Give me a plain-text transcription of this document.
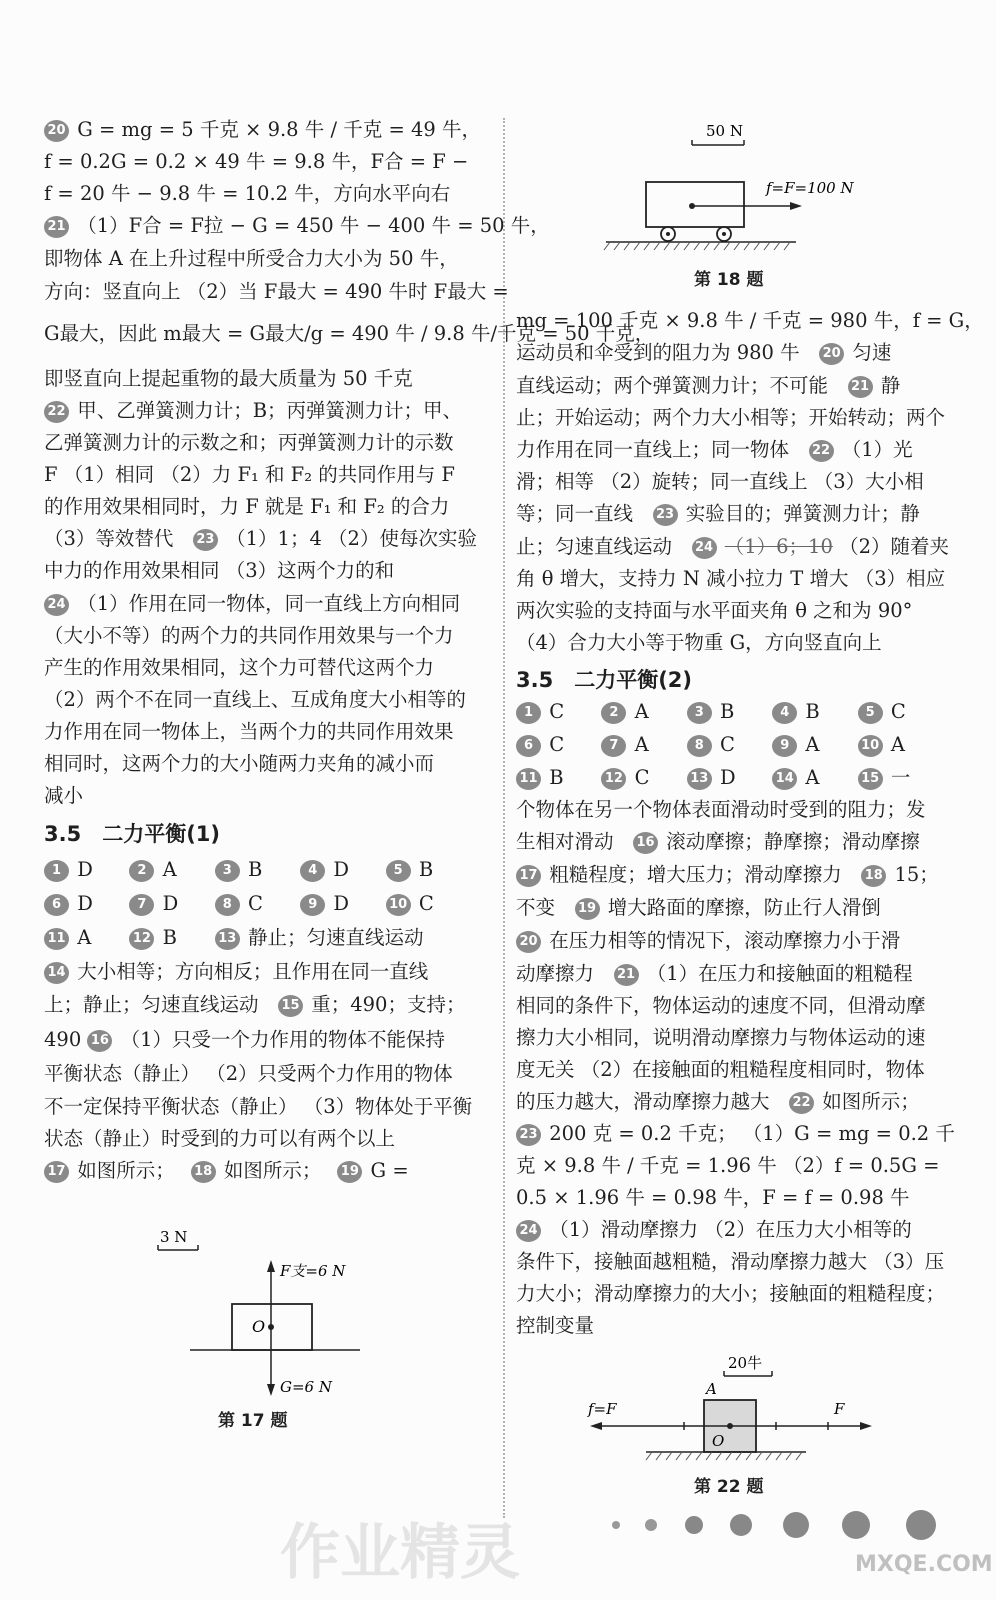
20 G = mg = 5 千克 × 9.8 牛 / 千克 = 49 牛，
f = 0.2G = 0.2 × 49 牛 = 9.8 牛，F合 = F −
f = 20 牛 − 9.8 牛 = 10.2 牛，方向水平向右
21 （1）F合 = F拉 − G = 450 牛 − 400 牛 = 50 牛，
即物体 A 在上升过程中所受合力大小为 50 牛，
方向：竖直向上 （2）当 F最大 = 490 牛时 F最大 =
G最大，因此 m最大 = G最大/g = 490 牛 / 9.8 牛/千克 = 50 千克，
即竖直向上提起重物的最大质量为 50 千克
22 甲、乙弹簧测力计；B；丙弹簧测力计；甲、
乙弹簧测力计的示数之和；丙弹簧测力计的示数
F （1）相同 （2）力 F₁ 和 F₂ 的共同作用与 F
的作用效果相同时，力 F 就是 F₁ 和 F₂ 的合力
（3）等效替代　 23 （1）1；4 （2）使每次实验
中力的作用效果相同 （3）这两个力的和
24 （1）作用在同一物体，同一直线上方向相同
（大小不等）的两个力的共同作用效果与一个力
产生的作用效果相同，这个力可替代这两个力
（2）两个不在同一直线上、互成角度大小相等的
力作用在同一物体上，当两个力的共同作用效果
相同时，这两个力的大小随两力夹角的减小而
减小
3.5　二力平衡(1)
1 D	2 A	3 B	4 D	5 B
6 D	7 D	8 C	9 D	10 C
11 A	12 B	13 静止；匀速直线运动
14 大小相等；方向相反；且作用在同一直线
上；静止；匀速直线运动　 15 重；490；支持；
490 16 （1）只受一个力作用的物体不能保持
平衡状态（静止） （2）只受两个力作用的物体
不一定保持平衡状态（静止） （3）物体处于平衡
状态（静止）时受到的力可以有两个以上
17 如图所示；　 18 如图所示；　 19 G =
3 N
O
F支=6 N
G=6 N
第 17 题
50 N
f=F=100 N
第 18 题
mg = 100 千克 × 9.8 牛 / 千克 = 980 牛，f = G，
运动员和伞受到的阻力为 980 牛　 20 匀速
直线运动；两个弹簧测力计；不可能　 21 静
止；开始运动；两个力大小相等；开始转动；两个
力作用在同一直线上；同一物体　 22 （1）光
滑；相等 （2）旋转；同一直线上 （3）大小相
等；同一直线　 23 实验目的；弹簧测力计；静
止；匀速直线运动　 24 （1）6；10 （2）随着夹
角 θ 增大，支持力 N 减小拉力 T 增大 （3）相应
两次实验的支持面与水平面夹角 θ 之和为 90°
（4）合力大小等于物重 G，方向竖直向上
3.5　二力平衡(2)
1 C	2 A	3 B	4 B	5 C
6 C	7 A	8 C	9 A	10 A
11 B	12 C	13 D	14 A	15 一
个物体在另一个物体表面滑动时受到的阻力；发
生相对滑动　 16 滚动摩擦；静摩擦；滑动摩擦
17 粗糙程度；增大压力；滑动摩擦力　 18 15；
不变　 19 增大路面的摩擦，防止行人滑倒
20 在压力相等的情况下，滚动摩擦力小于滑
动摩擦力　 21 （1）在压力和接触面的粗糙程
相同的条件下，物体运动的速度不同，但滑动摩
擦力大小相同，说明滑动摩擦力与物体运动的速
度无关 （2）在接触面的粗糙程度相同时，物体
的压力越大，滑动摩擦力越大　 22 如图所示；
23 200 克 = 0.2 千克； （1）G = mg = 0.2 千
克 × 9.8 牛 / 千克 = 1.96 牛 （2）f = 0.5G =
0.5 × 1.96 牛 = 0.98 牛，F = f = 0.98 牛
24 （1）滑动摩擦力 （2）在压力大小相等的
条件下，接触面越粗糙，滑动摩擦力越大 （3）压
力大小；滑动摩擦力的大小；接触面的粗糙程度；
控制变量
20牛
A
O
f=F	F
第 22 题
作业精灵	MXQE.COM
